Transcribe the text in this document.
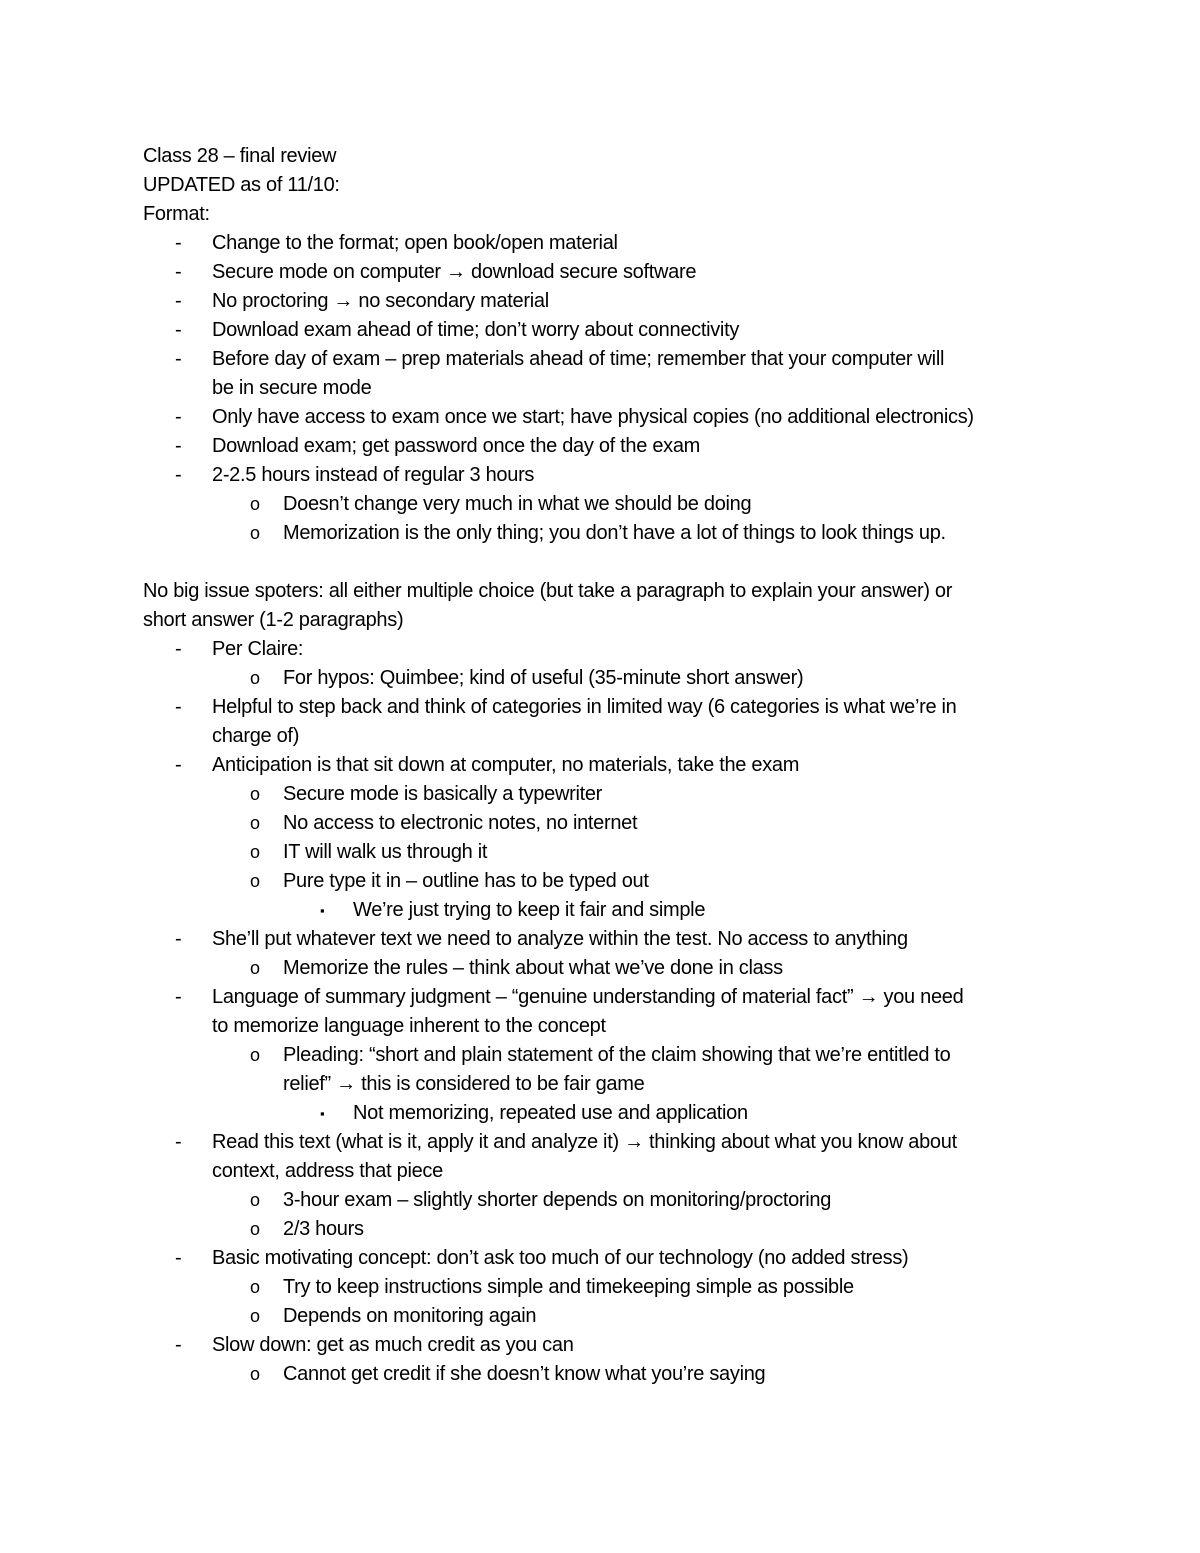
Class 28 – final review
UPDATED as of 11/10:
Format:
- Change to the format; open book/open material
- Secure mode on computer → download secure software
- No proctoring → no secondary material
- Download exam ahead of time; don’t worry about connectivity
- Before day of exam – prep materials ahead of time; remember that your computer will
be in secure mode
- Only have access to exam once we start; have physical copies (no additional electronics)
- Download exam; get password once the day of the exam
- 2-2.5 hours instead of regular 3 hours
o Doesn’t change very much in what we should be doing
o Memorization is the only thing; you don’t have a lot of things to look things up.
No big issue spoters: all either multiple choice (but take a paragraph to explain your answer) or
short answer (1-2 paragraphs)
- Per Claire:
o For hypos: Quimbee; kind of useful (35-minute short answer)
- Helpful to step back and think of categories in limited way (6 categories is what we’re in
charge of)
- Anticipation is that sit down at computer, no materials, take the exam
o Secure mode is basically a typewriter
o No access to electronic notes, no internet
o IT will walk us through it
o Pure type it in – outline has to be typed out
▪ We’re just trying to keep it fair and simple
- She’ll put whatever text we need to analyze within the test. No access to anything
o Memorize the rules – think about what we’ve done in class
- Language of summary judgment – “genuine understanding of material fact” → you need
to memorize language inherent to the concept
o Pleading: “short and plain statement of the claim showing that we’re entitled to
relief” → this is considered to be fair game
▪ Not memorizing, repeated use and application
- Read this text (what is it, apply it and analyze it) → thinking about what you know about
context, address that piece
o 3-hour exam – slightly shorter depends on monitoring/proctoring
o 2/3 hours
- Basic motivating concept: don’t ask too much of our technology (no added stress)
o Try to keep instructions simple and timekeeping simple as possible
o Depends on monitoring again
- Slow down: get as much credit as you can
o Cannot get credit if she doesn’t know what you’re saying
